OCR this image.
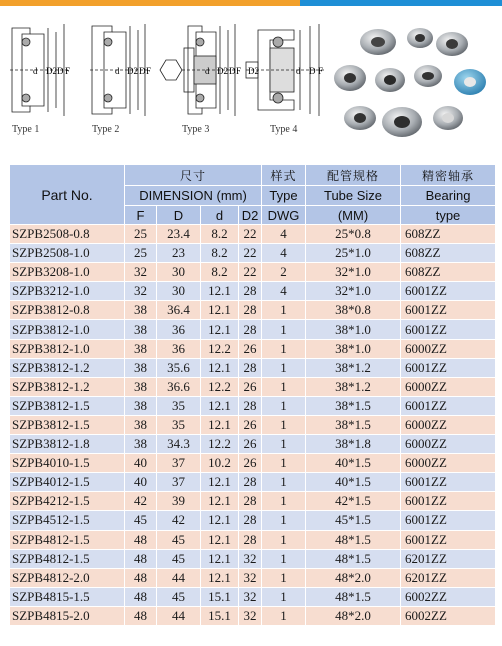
d D2 D F	d D2 D F	d D2 D F D2	d D F
Type 1	Type 2	Type 3	Type 4
Part No.	尺寸				样式	配管规格	精密轴承
	DIMENSION (mm)				Type	Tube Size	Bearing
	F	D	d	D2	DWG	(MM)	type
SZPB2508-0.8	25	23.4	8.2	22	4	25*0.8	608ZZ
SZPB2508-1.0	25	23	8.2	22	4	25*1.0	608ZZ
SZPB3208-1.0	32	30	8.2	22	2	32*1.0	608ZZ
SZPB3212-1.0	32	30	12.1	28	4	32*1.0	6001ZZ
SZPB3812-0.8	38	36.4	12.1	28	1	38*0.8	6001ZZ
SZPB3812-1.0	38	36	12.1	28	1	38*1.0	6001ZZ
SZPB3812-1.0	38	36	12.2	26	1	38*1.0	6000ZZ
SZPB3812-1.2	38	35.6	12.1	28	1	38*1.2	6001ZZ
SZPB3812-1.2	38	36.6	12.2	26	1	38*1.2	6000ZZ
SZPB3812-1.5	38	35	12.1	28	1	38*1.5	6001ZZ
SZPB3812-1.5	38	35	12.1	26	1	38*1.5	6000ZZ
SZPB3812-1.8	38	34.3	12.2	26	1	38*1.8	6000ZZ
SZPB4010-1.5	40	37	10.2	26	1	40*1.5	6000ZZ
SZPB4012-1.5	40	37	12.1	28	1	40*1.5	6001ZZ
SZPB4212-1.5	42	39	12.1	28	1	42*1.5	6001ZZ
SZPB4512-1.5	45	42	12.1	28	1	45*1.5	6001ZZ
SZPB4812-1.5	48	45	12.1	28	1	48*1.5	6001ZZ
SZPB4812-1.5	48	45	12.1	32	1	48*1.5	6201ZZ
SZPB4812-2.0	48	44	12.1	32	1	48*2.0	6201ZZ
SZPB4815-1.5	48	45	15.1	32	1	48*1.5	6002ZZ
SZPB4815-2.0	48	44	15.1	32	1	48*2.0	6002ZZ
